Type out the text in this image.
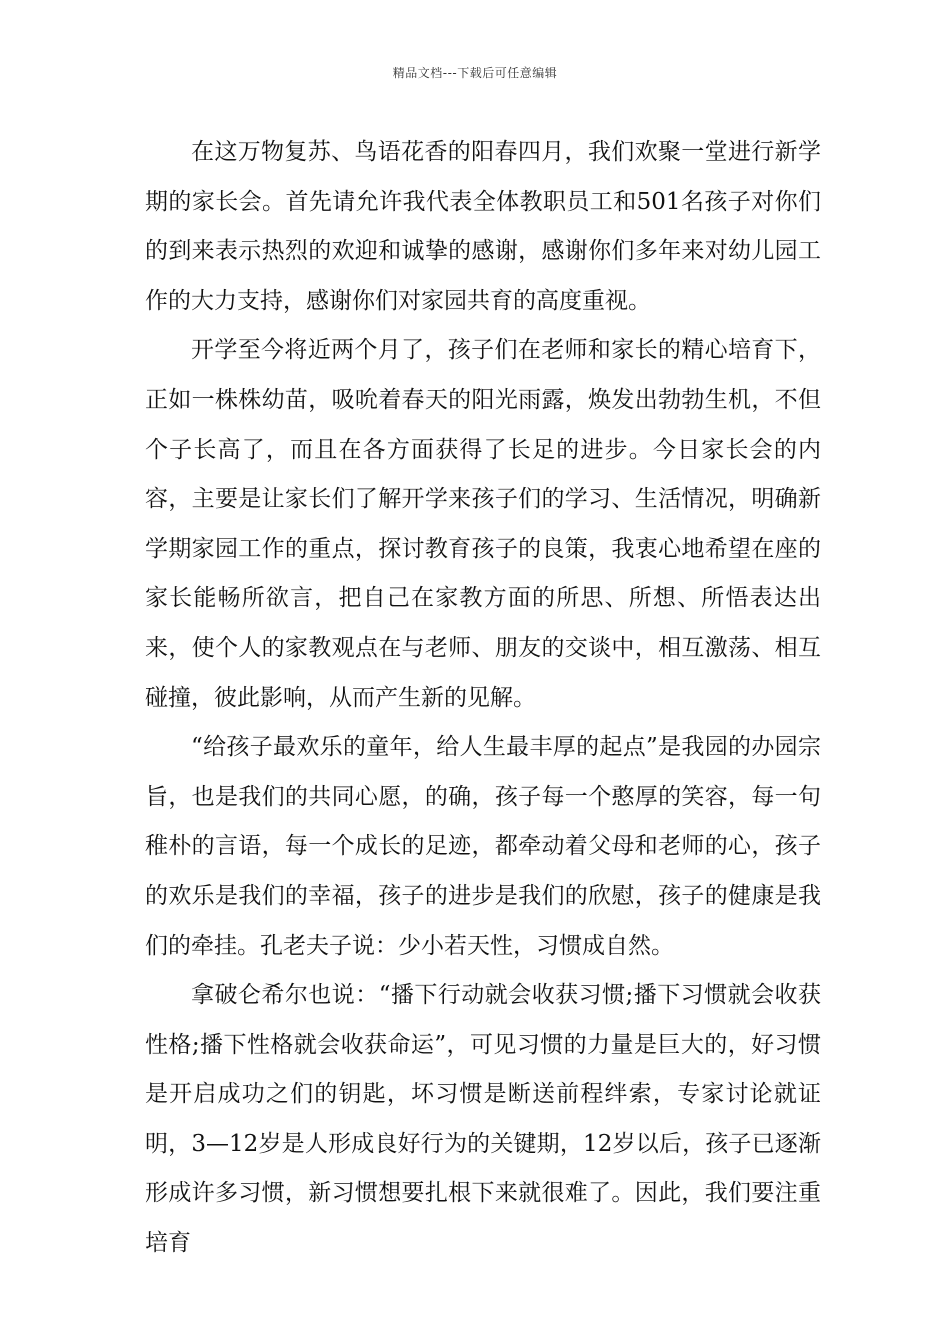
精品文档---下载后可任意编辑

在这万物复苏、鸟语花香的阳春四月，我们欢聚一堂进行新学期的家长会。首先请允许我代表全体教职员工和501名孩子对你们的到来表示热烈的欢迎和诚挚的感谢，感谢你们多年来对幼儿园工作的大力支持，感谢你们对家园共育的高度重视。

开学至今将近两个月了，孩子们在老师和家长的精心培育下，正如一株株幼苗，吸吮着春天的阳光雨露，焕发出勃勃生机，不但个子长高了，而且在各方面获得了长足的进步。今日家长会的内容，主要是让家长们了解开学来孩子们的学习、生活情况，明确新学期家园工作的重点，探讨教育孩子的良策，我衷心地希望在座的家长能畅所欲言，把自己在家教方面的所思、所想、所悟表达出来，使个人的家教观点在与老师、朋友的交谈中，相互激荡、相互碰撞，彼此影响，从而产生新的见解。

“给孩子最欢乐的童年，给人生最丰厚的起点”是我园的办园宗旨，也是我们的共同心愿，的确，孩子每一个憨厚的笑容，每一句稚朴的言语，每一个成长的足迹，都牵动着父母和老师的心，孩子的欢乐是我们的幸福，孩子的进步是我们的欣慰，孩子的健康是我们的牵挂。孔老夫子说：少小若天性，习惯成自然。

拿破仑希尔也说：“播下行动就会收获习惯;播下习惯就会收获性格;播下性格就会收获命运”，可见习惯的力量是巨大的，好习惯是开启成功之们的钥匙，坏习惯是断送前程绊索，专家讨论就证明，3—12岁是人形成良好行为的关键期，12岁以后，孩子已逐渐形成许多习惯，新习惯想要扎根下来就很难了。因此，我们要注重培育
